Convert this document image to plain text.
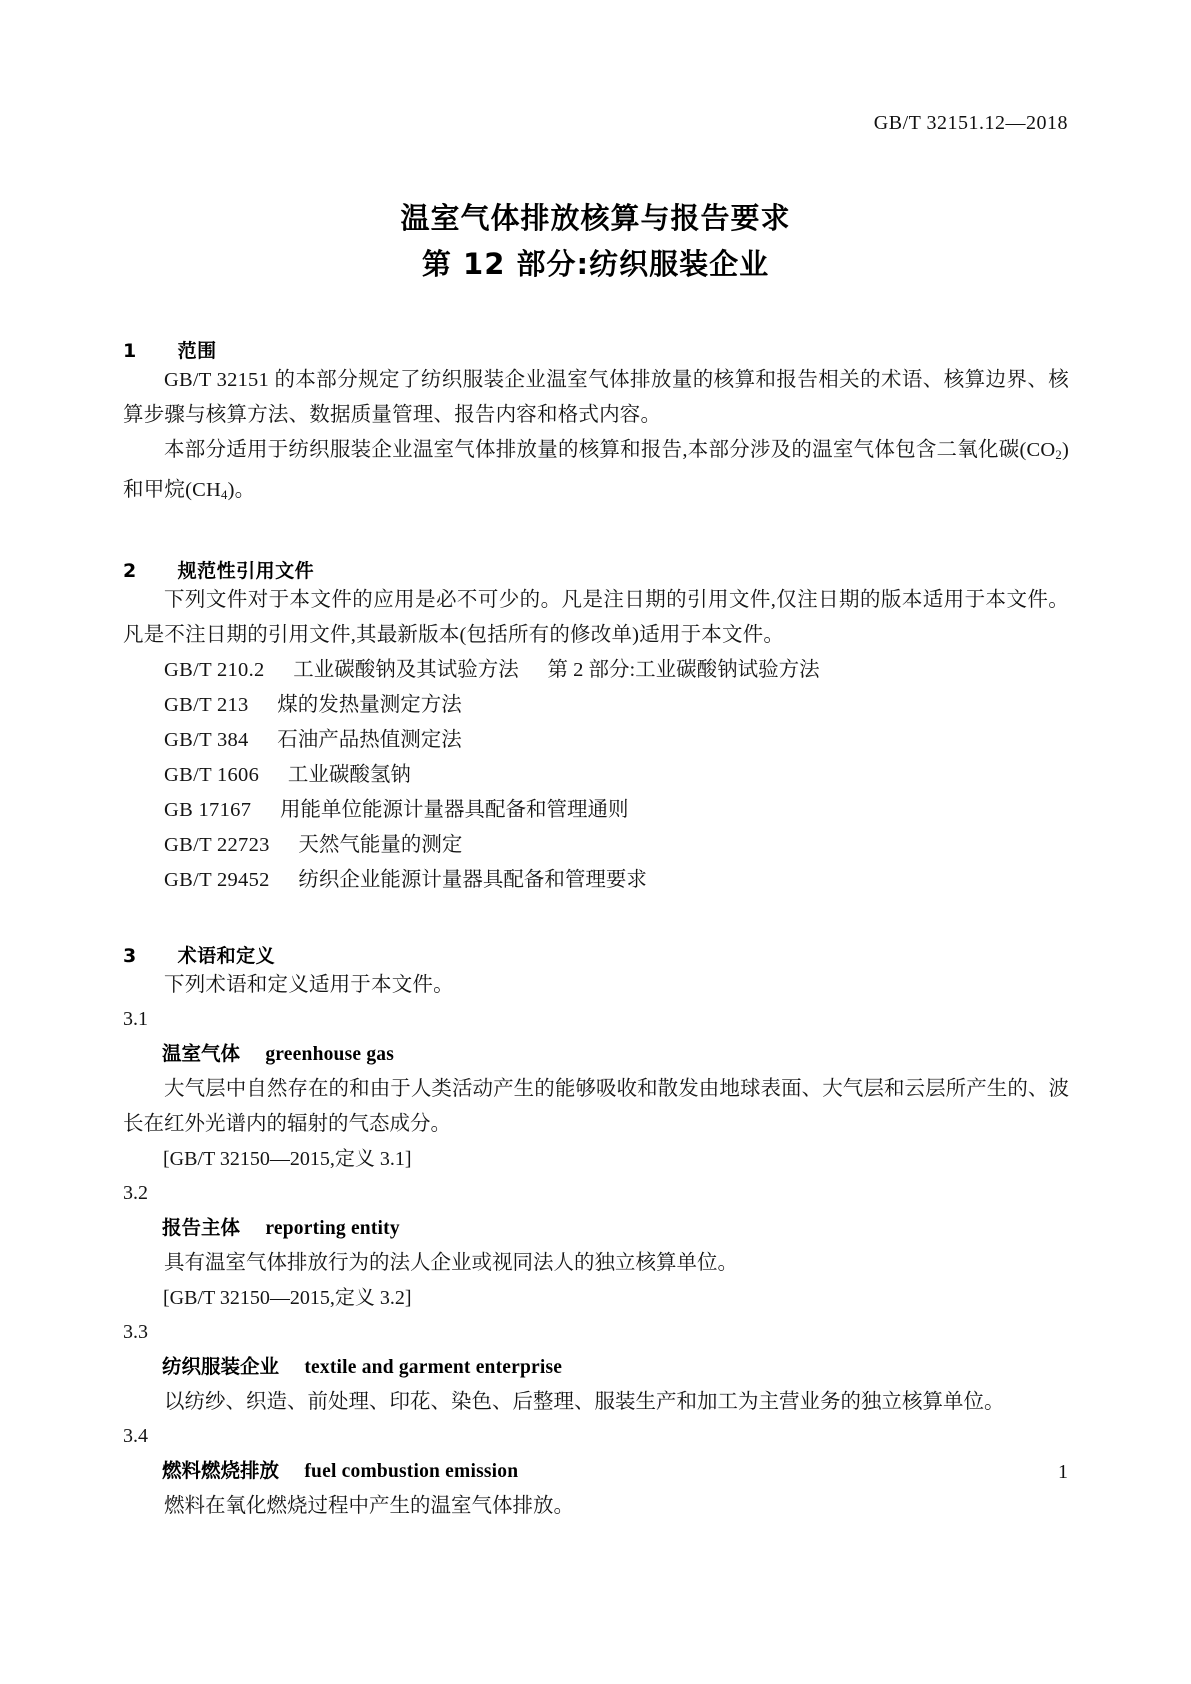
GB/T 32151.12—2018
温室气体排放核算与报告要求
第 12 部分:纺织服装企业
1 范围

GB/T 32151 的本部分规定了纺织服装企业温室气体排放量的核算和报告相关的术语、核算边界、核算步骤与核算方法、数据质量管理、报告内容和格式内容。

本部分适用于纺织服装企业温室气体排放量的核算和报告,本部分涉及的温室气体包含二氧化碳$(CO_2)$和甲烷$(CH_4)$。

2 规范性引用文件

下列文件对于本文件的应用是必不可少的。凡是注日期的引用文件,仅注日期的版本适用于本文件。凡是不注日期的引用文件,其最新版本(包括所有的修改单)适用于本文件。

GB/T 210.2 工业碳酸钠及其试验方法 第 2 部分:工业碳酸钠试验方法

GB/T 213 煤的发热量测定方法

GB/T 384 石油产品热值测定法

GB/T 1606 工业碳酸氢钠

GB 17167 用能单位能源计量器具配备和管理通则

GB/T 22723 天然气能量的测定

GB/T 29452 纺织企业能源计量器具配备和管理要求

3 术语和定义

下列术语和定义适用于本文件。

3.1

温室气体 greenhouse gas

大气层中自然存在的和由于人类活动产生的能够吸收和散发由地球表面、大气层和云层所产生的、波长在红外光谱内的辐射的气态成分。

[GB/T 32150—2015,定义 3.1]

3.2

报告主体 reporting entity

具有温室气体排放行为的法人企业或视同法人的独立核算单位。

[GB/T 32150—2015,定义 3.2]

3.3

纺织服装企业 textile and garment enterprise

以纺纱、织造、前处理、印花、染色、后整理、服装生产和加工为主营业务的独立核算单位。

3.4

燃料燃烧排放 fuel combustion emission

燃料在氧化燃烧过程中产生的温室气体排放。

1
